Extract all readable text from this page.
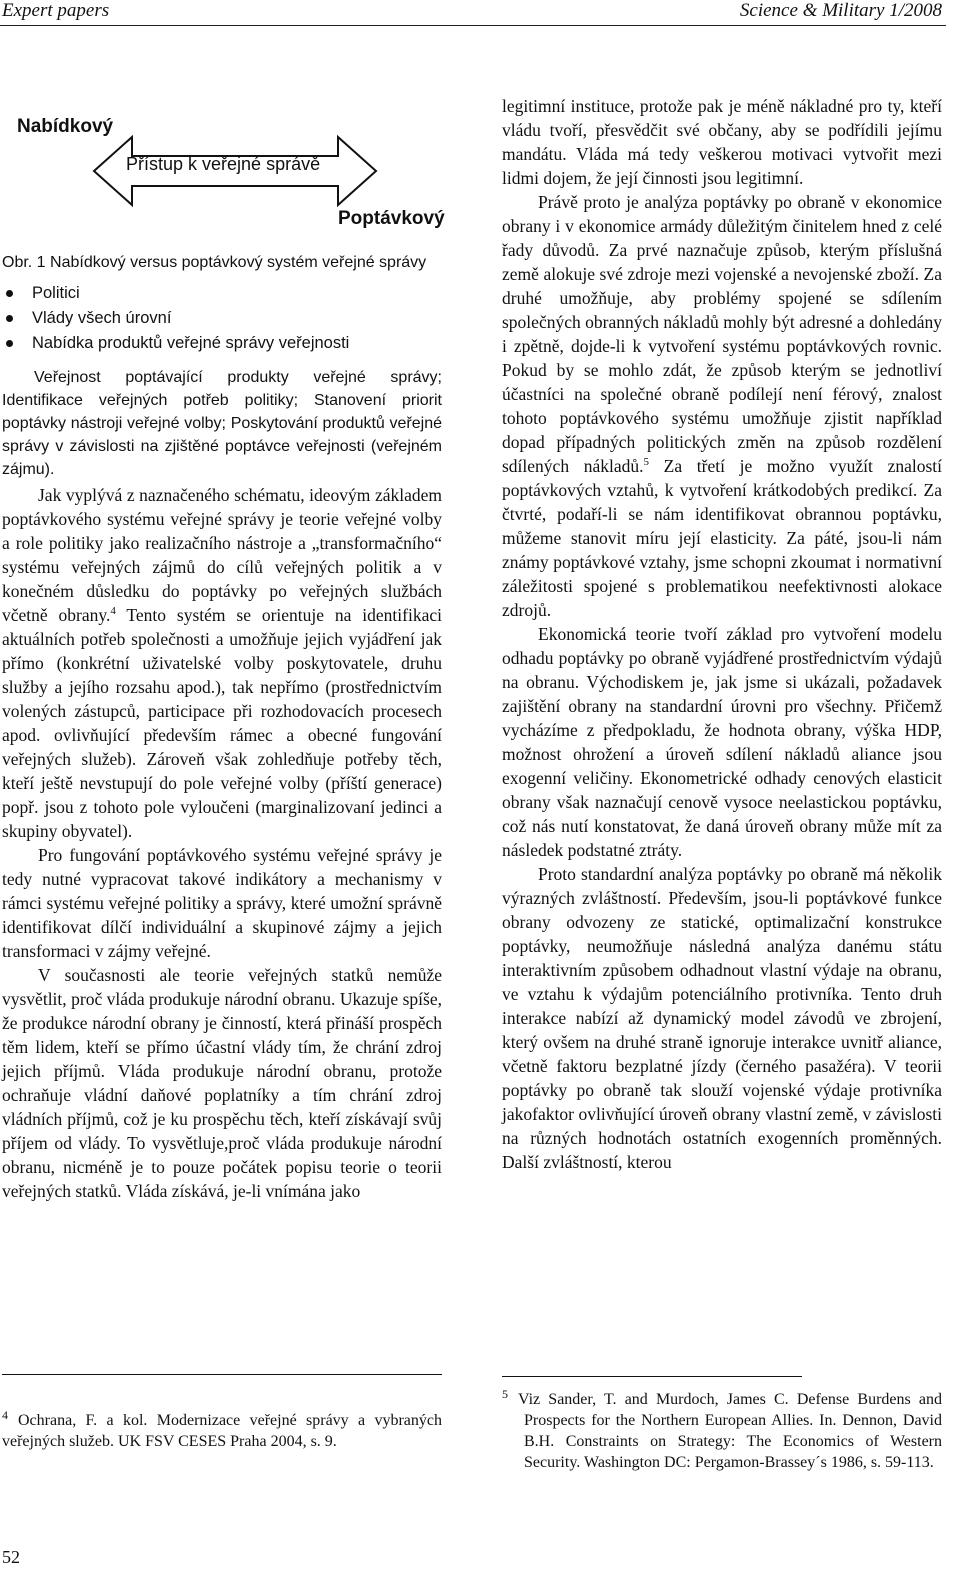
Expert papers	Science & Military 1/2008
Nabídkový
Přístup k veřejné správě
Poptávkový
Obr. 1 Nabídkový versus poptávkový systém veřejné správy
Politici
Vlády všech úrovní
Nabídka produktů veřejné správy veřejnosti

Veřejnost poptávající produkty veřejné správy; Identifikace veřejných potřeb politiky; Stanovení priorit poptávky nástroji veřejné volby; Poskytování produktů veřejné správy v závislosti na zjištěné poptávce veřejnosti (veřejném zájmu).

Jak vyplývá z naznačeného schématu, ideovým základem poptávkového systému veřejné správy je teorie veřejné volby a role politiky jako realizačního nástroje a „transformačního“ systému veřejných zájmů do cílů veřejných politik a v konečném důsledku do poptávky po veřejných službách včetně obrany.$^4$ Tento systém se orientuje na identifikaci aktuálních potřeb společnosti a umožňuje jejich vyjádření jak přímo (konkrétní uživatelské volby poskytovatele, druhu služby a jejího rozsahu apod.), tak nepřímo (prostřednictvím volených zástupců, participace při rozhodovacích procesech apod. ovlivňující především rámec a obecné fungování veřejných služeb). Zároveň však zohledňuje potřeby těch, kteří ještě nevstupují do pole veřejné volby (příští generace) popř. jsou z tohoto pole vyloučeni (marginalizovaní jedinci a skupiny obyvatel).

Pro fungování poptávkového systému veřejné správy je tedy nutné vypracovat takové indikátory a mechanismy v rámci systému veřejné politiky a správy, které umožní správně identifikovat dílčí individuální a skupinové zájmy a jejich transformaci v zájmy veřejné.

V současnosti ale teorie veřejných statků nemůže vysvětlit, proč vláda produkuje národní obranu. Ukazuje spíše, že produkce národní obrany je činností, která přináší prospěch těm lidem, kteří se přímo účastní vlády tím, že chrání zdroj jejich příjmů. Vláda produkuje národní obranu, protože ochraňuje vládní daňové poplatníky a tím chrání zdroj vládních příjmů, což je ku prospěchu těch, kteří získávají svůj příjem od vlády. To vysvětluje,proč vláda produkuje národní obranu, nicméně je to pouze počátek popisu teorie o teorii veřejných statků. Vláda získává, je-li vnímána jako

legitimní instituce, protože pak je méně nákladné pro ty, kteří vládu tvoří, přesvědčit své občany, aby se podřídili jejímu mandátu. Vláda má tedy veškerou motivaci vytvořit mezi lidmi dojem, že její činnosti jsou legitimní.

Právě proto je analýza poptávky po obraně v ekonomice obrany i v ekonomice armády důležitým činitelem hned z celé řady důvodů. Za prvé naznačuje způsob, kterým příslušná země alokuje své zdroje mezi vojenské a nevojenské zboží. Za druhé umožňuje, aby problémy spojené se sdílením společných obranných nákladů mohly být adresné a dohledány i zpětně, dojde-li k vytvoření systému poptávkových rovnic. Pokud by se mohlo zdát, že způsob kterým se jednotliví účastníci na společné obraně podílejí není férový, znalost tohoto poptávkového systému umožňuje zjistit například dopad případných politických změn na způsob rozdělení sdílených nákladů.$^5$ Za třetí je možno využít znalostí poptávkových vztahů, k vytvoření krátkodobých predikcí. Za čtvrté, podaří-li se nám identifikovat obrannou poptávku, můžeme stanovit míru její elasticity. Za páté, jsou-li nám známy poptávkové vztahy, jsme schopni zkoumat i normativní záležitosti spojené s problematikou neefektivnosti alokace zdrojů.

Ekonomická teorie tvoří základ pro vytvoření modelu odhadu poptávky po obraně vyjádřené prostřednictvím výdajů na obranu. Východiskem je, jak jsme si ukázali, požadavek zajištění obrany na standardní úrovni pro všechny. Přičemž vycházíme z předpokladu, že hodnota obrany, výška HDP, možnost ohrožení a úroveň sdílení nákladů aliance jsou exogenní veličiny. Ekonometrické odhady cenových elasticit obrany však naznačují cenově vysoce neelastickou poptávku, což nás nutí konstatovat, že daná úroveň obrany může mít za následek podstatné ztráty.

Proto standardní analýza poptávky po obraně má několik výrazných zvláštností. Především, jsou-li poptávkové funkce obrany odvozeny ze statické, optimalizační konstrukce poptávky, neumožňuje následná analýza danému státu interaktivním způsobem odhadnout vlastní výdaje na obranu, ve vztahu k výdajům potenciálního protivníka. Tento druh interakce nabízí až dynamický model závodů ve zbrojení, který ovšem na druhé straně ignoruje interakce uvnitř aliance, včetně faktoru bezplatné jízdy (černého pasažéra). V teorii poptávky po obraně tak slouží vojenské výdaje protivníka jakofaktor ovlivňující úroveň obrany vlastní země, v závislosti na různých hodnotách ostatních exogenních proměnných. Další zvláštností, kterou

$^4$ Ochrana, F. a kol. Modernizace veřejné správy a vybraných veřejných služeb. UK FSV CESES Praha 2004, s. 9.
$^5$ Viz Sander, T. and Murdoch, James C. Defense Burdens and Prospects for the Northern European Allies. In. Dennon, David B.H. Constraints on Strategy: The Economics of Western Security. Washington DC: Pergamon-Brassey´s 1986, s. 59-113.
52
